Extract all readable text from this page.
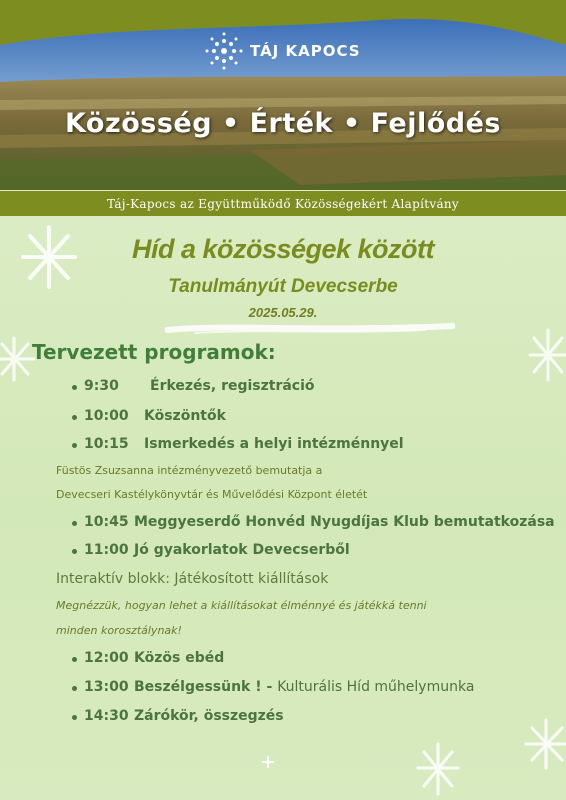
TÁJ KAPOCS
Közösség • Érték • Fejlődés
Táj-Kapocs az Együttműködő Közösségekért Alapítvány
Híd a közösségek között
Tanulmányút Devecserbe
2025.05.29.
Tervezett programok:
9:30 Érkezés, regisztráció
10:00 Köszöntők
10:15 Ismerkedés a helyi intézménnyel
Füstös Zsuzsanna intézményvezető bemutatja a
Devecseri Kastélykönyvtár és Művelődési Központ életét
10:45 Meggyeserdő Honvéd Nyugdíjas Klub bemutatkozása
11:00 Jó gyakorlatok Devecserből
Interaktív blokk: Játékosított kiállítások
Megnézzük, hogyan lehet a kiállításokat élménnyé és játékká tenni
minden korosztálynak!
12:00 Közös ebéd
13:00 Beszélgessünk ! - Kulturális Híd műhelymunka
14:30 Zárókör, összegzés
